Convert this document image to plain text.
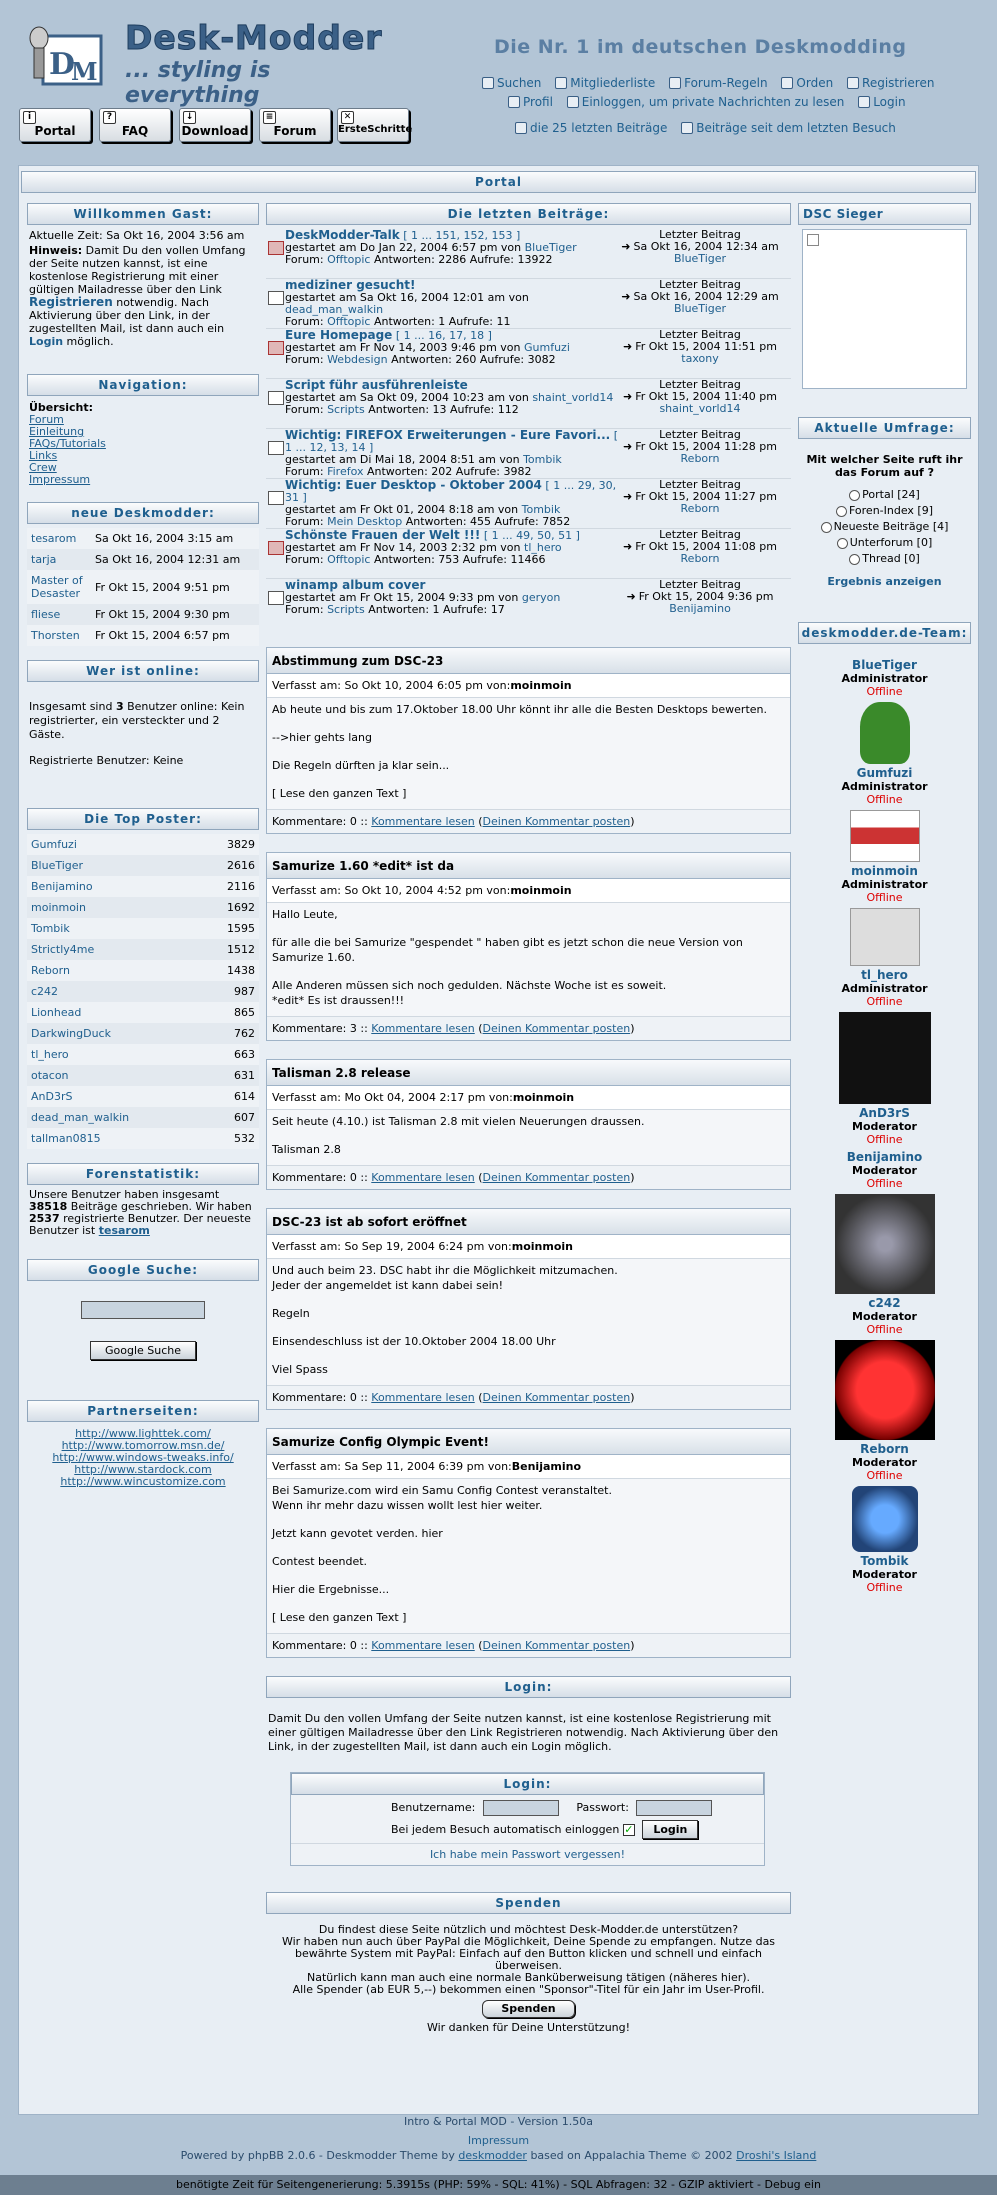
D
M
Desk-Modder
... styling is everything
Die Nr. 1 im deutschen Deskmodding
Suchen Mitgliederliste Forum-Regeln Orden Registrieren
Profil Einloggen, um private Nachrichten zu lesen Login
die 25 letzten Beiträge Beiträge seit dem letzten Besuch
i
Portal
?
FAQ
↓
Download
≡
Forum
✕
ErsteSchritte
Portal
Willkommen Gast:
Aktuelle Zeit: Sa Okt 16, 2004 3:56 am
Hinweis: Damit Du den vollen Umfang der Seite nutzen kannst, ist eine kostenlose Registrierung mit einer gültigen Mailadresse über den Link Registrieren notwendig. Nach Aktivierung über den Link, in der zugestellten Mail, ist dann auch ein Login möglich.
Navigation:
Übersicht:
Forum
Einleitung
FAQs/Tutorials
Links
Crew
Impressum
neue Deskmodder:
tesarom	Sa Okt 16, 2004 3:15 am
tarja	Sa Okt 16, 2004 12:31 am
Master of Desaster	Fr Okt 15, 2004 9:51 pm
fliese	Fr Okt 15, 2004 9:30 pm
Thorsten	Fr Okt 15, 2004 6:57 pm
Wer ist online:
Insgesamt sind 3 Benutzer online: Kein registrierter, ein versteckter und 2 Gäste.
Registrierte Benutzer: Keine
Die Top Poster:
Gumfuzi	3829
BlueTiger	2616
Benijamino	2116
moinmoin	1692
Tombik	1595
Strictly4me	1512
Reborn	1438
c242	987
Lionhead	865
DarkwingDuck	762
tl_hero	663
otacon	631
AnD3rS	614
dead_man_walkin	607
tallman0815	532
Forenstatistik:
Unsere Benutzer haben insgesamt 38518 Beiträge geschrieben. Wir haben 2537 registrierte Benutzer. Der neueste Benutzer ist tesarom
Google Suche:
Google Suche
Partnerseiten:
http://www.lighttek.com/
http://www.tomorrow.msn.de/
http://www.windows-tweaks.info/
http://www.stardock.com
http://www.wincustomize.com
Die letzten Beiträge:
DeskModder-Talk [ 1 ... 151, 152, 153 ]
gestartet am Do Jan 22, 2004 6:57 pm von BlueTiger
Forum: Offtopic Antworten: 2286 Aufrufe: 13922
Letzter Beitrag
➜ Sa Okt 16, 2004 12:34 am
BlueTiger
mediziner gesucht!
gestartet am Sa Okt 16, 2004 12:01 am von dead_man_walkin
Forum: Offtopic Antworten: 1 Aufrufe: 11
Letzter Beitrag
➜ Sa Okt 16, 2004 12:29 am
BlueTiger
Eure Homepage [ 1 ... 16, 17, 18 ]
gestartet am Fr Nov 14, 2003 9:46 pm von Gumfuzi
Forum: Webdesign Antworten: 260 Aufrufe: 3082
Letzter Beitrag
➜ Fr Okt 15, 2004 11:51 pm
taxony
Script führ ausführenleiste
gestartet am Sa Okt 09, 2004 10:23 am von shaint_vorld14
Forum: Scripts Antworten: 13 Aufrufe: 112
Letzter Beitrag
➜ Fr Okt 15, 2004 11:40 pm
shaint_vorld14
Wichtig: FIREFOX Erweiterungen - Eure Favori... [ 1 ... 12, 13, 14 ]
gestartet am Di Mai 18, 2004 8:51 am von Tombik
Forum: Firefox Antworten: 202 Aufrufe: 3982
Letzter Beitrag
➜ Fr Okt 15, 2004 11:28 pm
Reborn
Wichtig: Euer Desktop - Oktober 2004 [ 1 ... 29, 30, 31 ]
gestartet am Fr Okt 01, 2004 8:18 am von Tombik
Forum: Mein Desktop Antworten: 455 Aufrufe: 7852
Letzter Beitrag
➜ Fr Okt 15, 2004 11:27 pm
Reborn
Schönste Frauen der Welt !!! [ 1 ... 49, 50, 51 ]
gestartet am Fr Nov 14, 2003 2:32 pm von tl_hero
Forum: Offtopic Antworten: 753 Aufrufe: 11466
Letzter Beitrag
➜ Fr Okt 15, 2004 11:08 pm
Reborn
winamp album cover
gestartet am Fr Okt 15, 2004 9:33 pm von geryon
Forum: Scripts Antworten: 1 Aufrufe: 17
Letzter Beitrag
➜ Fr Okt 15, 2004 9:36 pm
Benijamino
Abstimmung zum DSC-23
Verfasst am: So Okt 10, 2004 6:05 pm von:moinmoin
Ab heute und bis zum 17.Oktober 18.00 Uhr könnt ihr alle die Besten Desktops bewerten.
-->hier gehts lang
Die Regeln dürften ja klar sein...
[ Lese den ganzen Text ]
Kommentare: 0 :: Kommentare lesen (Deinen Kommentar posten)
Samurize 1.60 *edit* ist da
Verfasst am: So Okt 10, 2004 4:52 pm von:moinmoin
Hallo Leute,
für alle die bei Samurize "gespendet " haben gibt es jetzt schon die neue Version von Samurize 1.60.
Alle Anderen müssen sich noch gedulden. Nächste Woche ist es soweit.
*edit* Es ist draussen!!!
Kommentare: 3 :: Kommentare lesen (Deinen Kommentar posten)
Talisman 2.8 release
Verfasst am: Mo Okt 04, 2004 2:17 pm von:moinmoin
Seit heute (4.10.) ist Talisman 2.8 mit vielen Neuerungen draussen.
Talisman 2.8
Kommentare: 0 :: Kommentare lesen (Deinen Kommentar posten)
DSC-23 ist ab sofort eröffnet
Verfasst am: So Sep 19, 2004 6:24 pm von:moinmoin
Und auch beim 23. DSC habt ihr die Möglichkeit mitzumachen.
Jeder der angemeldet ist kann dabei sein!
Regeln
Einsendeschluss ist der 10.Oktober 2004 18.00 Uhr
Viel Spass
Kommentare: 0 :: Kommentare lesen (Deinen Kommentar posten)
Samurize Config Olympic Event!
Verfasst am: Sa Sep 11, 2004 6:39 pm von:Benijamino
Bei Samurize.com wird ein Samu Config Contest veranstaltet.
Wenn ihr mehr dazu wissen wollt lest hier weiter.
Jetzt kann gevotet verden. hier
Contest beendet.
Hier die Ergebnisse...
[ Lese den ganzen Text ]
Kommentare: 0 :: Kommentare lesen (Deinen Kommentar posten)
Login:
Damit Du den vollen Umfang der Seite nutzen kannst, ist eine kostenlose Registrierung mit einer gültigen Mailadresse über den Link Registrieren notwendig. Nach Aktivierung über den Link, in der zugestellten Mail, ist dann auch ein Login möglich.
Login:
Benutzername:	Passwort:
Bei jedem Besuch automatisch einloggen ✓ Login
Ich habe mein Passwort vergessen!
Spenden
Du findest diese Seite nützlich und möchtest Desk-Modder.de unterstützen?
Wir haben nun auch über PayPal die Möglichkeit, Deine Spende zu empfangen. Nutze das bewährte System mit PayPal: Einfach auf den Button klicken und schnell und einfach überweisen.
Natürlich kann man auch eine normale Banküberweisung tätigen (näheres hier).
Alle Spender (ab EUR 5,--) bekommen einen "Sponsor"-Titel für ein Jahr im User-Profil.
Spenden
Wir danken für Deine Unterstützung!
DSC Sieger
Aktuelle Umfrage:
Mit welcher Seite ruft ihr das Forum auf ?
Portal [24]
Foren-Index [9]
Neueste Beiträge [4]
Unterforum [0]
Thread [0]
Ergebnis anzeigen
deskmodder.de-Team:
BlueTiger
Administrator
Offline
Gumfuzi
Administrator
Offline
moinmoin
Administrator
Offline
tl_hero
Administrator
Offline
AnD3rS
Moderator
Offline
Benijamino
Moderator
Offline
c242
Moderator
Offline
Reborn
Moderator
Offline
Tombik
Moderator
Offline
Intro & Portal MOD - Version 1.50a
Impressum
Powered by phpBB 2.0.6 - Deskmodder Theme by deskmodder based on Appalachia Theme © 2002 Droshi's Island
benötigte Zeit für Seitengenerierung: 5.3915s (PHP: 59% - SQL: 41%) - SQL Abfragen: 32 - GZIP aktiviert - Debug ein
